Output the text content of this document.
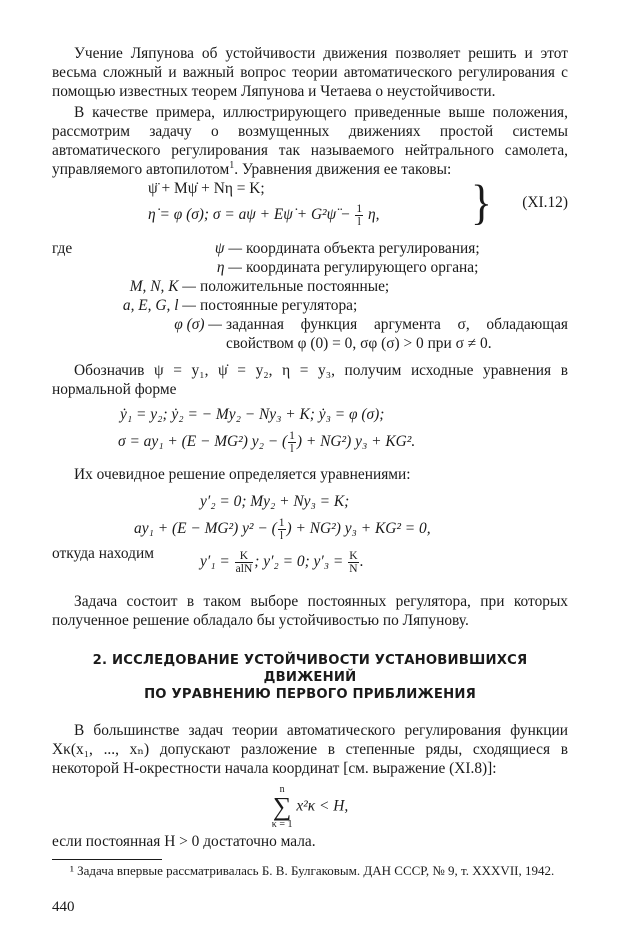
Учение Ляпунова об устойчивости движения позволяет решить и этот весьма сложный и важный вопрос теории автоматического регулирования с помощью известных теорем Ляпунова и Четаева о неустойчивости.

В качестве примера, иллюстрирующего приведенные выше положения, рассмотрим задачу о возмущенных движениях простой системы автоматического регулирования так называемого нейтрального самолета, управляемого автопилотом$^1$. Уравнения движения ее таковы:

ψ̈ + Mψ̇ + Nη = K;
η̇ = φ (σ); σ = aψ + Eψ̇ + G²ψ̈ − $\frac{1}{l} \eta$, } (XI.12)
где	ψ — координата объекта регулирования;
η — координата регулирующего органа;
M, N, K — положительные постоянные;
a, E, G, l — постоянные регулятора;
φ (σ) — заданная функция аргумента σ, обладающая свойством φ (0) = 0, σφ (σ) > 0 при σ ≠ 0.

Обозначив ψ = y₁, ψ̇ = y₂, η = y₃, получим исходные уравнения в нормальной форме

ẏ₁ = y₂; ẏ₂ = − My₂ − Ny₃ + K; ẏ₃ = φ (σ);
σ = ay₁ + (E − MG²) y₂ − ( $\frac{1}{l}$ ) + NG²) y₃ + KG².

Их очевидное решение определяется уравнениями:

y′₂ = 0; My₂ + Ny₃ = K;
ay₁ + (E − MG²) y² − ( $\frac{1}{l}$ ) + NG²) y₃ + KG² = 0,
откуда находим	$y'_1 = \frac{K}{\text{alN}}$ ; y′₂ = 0; $y'_3 = \frac{K}{N}$ .

Задача состоит в таком выборе постоянных регулятора, при которых полученное решение обладало бы устойчивостью по Ляпунову.

2. ИССЛЕДОВАНИЕ УСТОЙЧИВОСТИ УСТАНОВИВШИХСЯ ДВИЖЕНИЙ
ПО УРАВНЕНИЮ ПЕРВОГО ПРИБЛИЖЕНИЯ

В большинстве задач теории автоматического регулирования функции Xκ(x₁, ..., xₙ) допускают разложение в степенные ряды, сходящиеся в некоторой H-окрестности начала координат [см. выражение (XI.8)]:

n
∑
κ = 1 x²κ < H,

если постоянная H > 0 достаточно мала.

¹ Задача впервые рассматривалась Б. В. Булгаковым. ДАН СССР, № 9, т. XXXVII, 1942.

440
